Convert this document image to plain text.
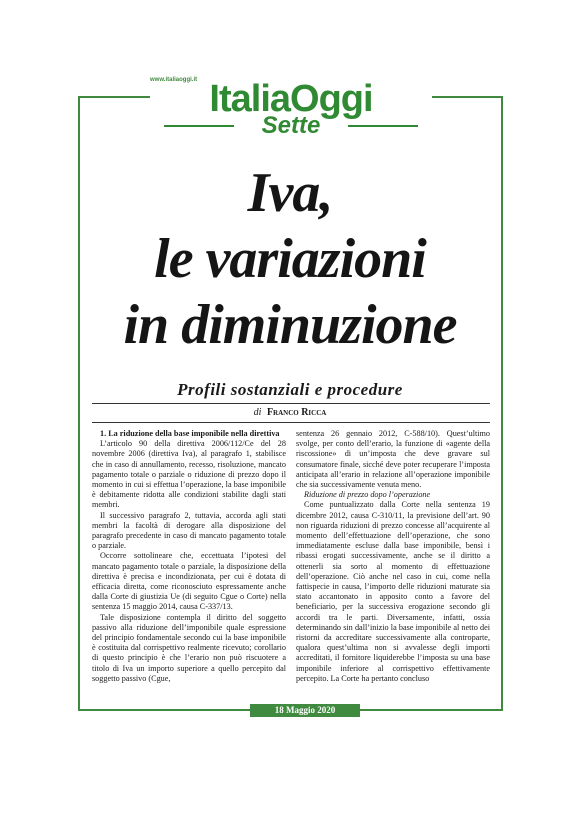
www.italiaoggi.it ItaliaOggi
Sette
Iva,
le variazioni
in diminuzione
Profili sostanziali e procedure
di Franco Ricca

1. La riduzione della base imponibile nella direttiva

L’articolo 90 della direttiva 2006/112/Ce del 28 novembre 2006 (direttiva Iva), al paragrafo 1, stabilisce che in caso di annullamento, recesso, risoluzione, mancato pagamento totale o parziale o riduzione di prezzo dopo il momento in cui si effettua l’operazione, la base imponibile è debitamente ridotta alle condizioni stabilite dagli stati membri.

Il successivo paragrafo 2, tuttavia, accorda agli stati membri la facoltà di derogare alla disposizione del paragrafo precedente in caso di mancato pagamento totale o parziale.

Occorre sottolineare che, eccettuata l’ipotesi del mancato pagamento totale o parziale, la disposizione della direttiva è precisa e incondizionata, per cui è dotata di efficacia diretta, come riconosciuto espressamente anche dalla Corte di giustizia Ue (di seguito Cgue o Corte) nella sentenza 15 maggio 2014, causa C-337/13.

Tale disposizione contempla il diritto del soggetto passivo alla riduzione dell’imponibile quale espressione del principio fondamentale secondo cui la base imponibile è costituita dal corrispettivo realmente ricevuto; corollario di questo principio è che l’erario non può riscuotere a titolo di Iva un importo superiore a quello percepito dal soggetto passivo (Cgue,

sentenza 26 gennaio 2012, C-588/10). Quest’ultimo svolge, per conto dell’erario, la funzione di «agente della riscossione» di un’imposta che deve gravare sul consumatore finale, sicché deve poter recuperare l’imposta anticipata all’erario in relazione all’operazione imponibile che sia successivamente venuta meno.

Riduzione di prezzo dopo l’operazione

Come puntualizzato dalla Corte nella sentenza 19 dicembre 2012, causa C-310/11, la previsione dell’art. 90 non riguarda riduzioni di prezzo concesse all’acquirente al momento dell’effettuazione dell’operazione, che sono immediatamente escluse dalla base imponibile, bensì i ribassi erogati successivamente, anche se il diritto a ottenerli sia sorto al momento di effettuazione dell’operazione. Ciò anche nel caso in cui, come nella fattispecie in causa, l’importo delle riduzioni maturate sia stato accantonato in apposito conto a favore del beneficiario, per la successiva erogazione secondo gli accordi tra le parti. Diversamente, infatti, ossia determinando sin dall’inizio la base imponibile al netto dei ristorni da accreditare successivamente alla controparte, qualora quest’ultima non si avvalesse degli importi accreditati, il fornitore liquiderebbe l’imposta su una base imponibile inferiore al corrispettivo effettivamente percepito. La Corte ha pertanto concluso

18 Maggio 2020
